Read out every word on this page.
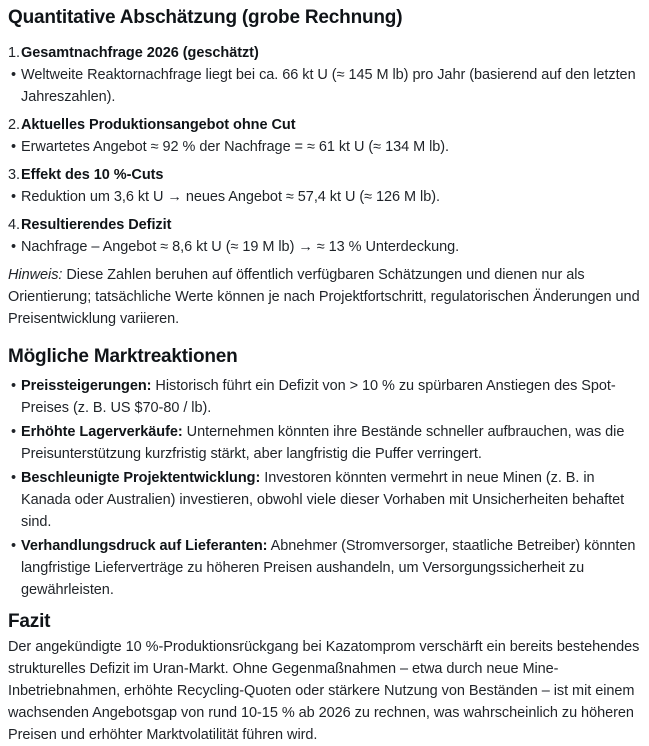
Quantitative Abschätzung (grobe Rechnung)
1. Gesamtnachfrage 2026 (geschätzt)
• Weltweite Reaktornachfrage liegt bei ca. 66 kt U (≈ 145 M lb) pro Jahr (basierend auf den letzten Jahreszahlen).
2. Aktuelles Produktionsangebot ohne Cut
• Erwartetes Angebot ≈ 92 % der Nachfrage = ≈ 61 kt U (≈ 134 M lb).
3. Effekt des 10 %-Cuts
• Reduktion um 3,6 kt U → neues Angebot ≈ 57,4 kt U (≈ 126 M lb).
4. Resultierendes Defizit
• Nachfrage – Angebot ≈ 8,6 kt U (≈ 19 M lb) → ≈ 13 % Unterdeckung.

Hinweis: Diese Zahlen beruhen auf öffentlich verfügbaren Schätzungen und dienen nur als Orientierung; tatsächliche Werte können je nach Projektfortschritt, regulatorischen Änderungen und Preisentwicklung variieren.

Mögliche Marktreaktionen
• Preissteigerungen: Historisch führt ein Defizit von > 10 % zu spürbaren Anstiegen des Spot-Preises (z. B. US $70-80 / lb).
• Erhöhte Lagerverkäufe: Unternehmen könnten ihre Bestände schneller aufbrauchen, was die Preisunterstützung kurzfristig stärkt, aber langfristig die Puffer verringert.
• Beschleunigte Projektentwicklung: Investoren könnten vermehrt in neue Minen (z. B. in Kanada oder Australien) investieren, obwohl viele dieser Vorhaben mit Unsicherheiten behaftet sind.
• Verhandlungsdruck auf Lieferanten: Abnehmer (Stromversorger, staatliche Betreiber) könnten langfristige Lieferverträge zu höheren Preisen aushandeln, um Versorgungssicherheit zu gewährleisten.
Fazit

Der angekündigte 10 %-Produktionsrückgang bei Kazatomprom verschärft ein bereits bestehendes strukturelles Defizit im Uran-Markt. Ohne Gegenmaßnahmen – etwa durch neue Mine-Inbetriebnahmen, erhöhte Recycling-Quoten oder stärkere Nutzung von Beständen – ist mit einem wachsenden Angebotsgap von rund 10-15 % ab 2026 zu rechnen, was wahrscheinlich zu höheren Preisen und erhöhter Marktvolatilität führen wird.
